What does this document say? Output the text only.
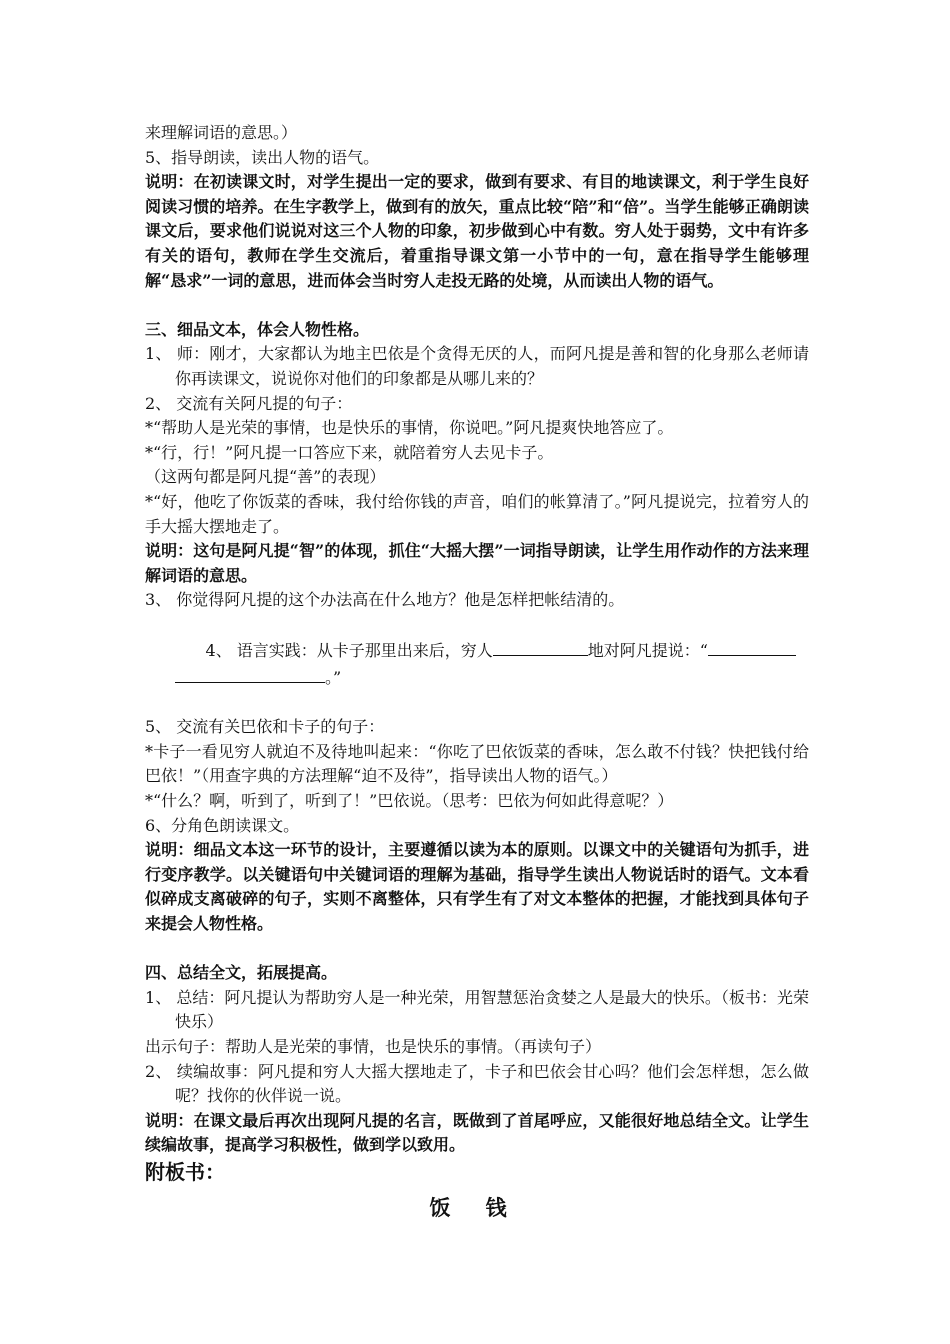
来理解词语的意思。）

5、指导朗读，读出人物的语气。

说明：在初读课文时，对学生提出一定的要求，做到有要求、有目的地读课文，利于学生良好阅读习惯的培养。在生字教学上，做到有的放矢，重点比较“陪”和“倍”。当学生能够正确朗读课文后，要求他们说说对这三个人物的印象，初步做到心中有数。穷人处于弱势，文中有许多有关的语句，教师在学生交流后，着重指导课文第一小节中的一句，意在指导学生能够理解“恳求”一词的意思，进而体会当时穷人走投无路的处境，从而读出人物的语气。

三、细品文本，体会人物性格。

1、 师：刚才，大家都认为地主巴依是个贪得无厌的人，而阿凡提是善和智的化身那么老师请你再读课文，说说你对他们的印象都是从哪儿来的？

2、 交流有关阿凡提的句子：

*“帮助人是光荣的事情，也是快乐的事情，你说吧。”阿凡提爽快地答应了。

*“行，行！”阿凡提一口答应下来，就陪着穷人去见卡子。

（这两句都是阿凡提“善”的表现）

*“好，他吃了你饭菜的香味，我付给你钱的声音，咱们的帐算清了。”阿凡提说完，拉着穷人的手大摇大摆地走了。

说明：这句是阿凡提“智”的体现，抓住“大摇大摆”一词指导朗读，让学生用作动作的方法来理解词语的意思。

3、 你觉得阿凡提的这个办法高在什么地方？他是怎样把帐结清的。

4、 语言实践：从卡子那里出来后，穷人	地对阿凡提说：“
。”

5、 交流有关巴依和卡子的句子：

*卡子一看见穷人就迫不及待地叫起来：“你吃了巴依饭菜的香味，怎么敢不付钱？快把钱付给巴依！”（用查字典的方法理解“迫不及待”，指导读出人物的语气。）

*“什么？啊，听到了，听到了！”巴依说。（思考：巴依为何如此得意呢？）

6、分角色朗读课文。

说明：细品文本这一环节的设计，主要遵循以读为本的原则。以课文中的关键语句为抓手，进行变序教学。以关键语句中关键词语的理解为基础，指导学生读出人物说话时的语气。文本看似碎成支离破碎的句子，实则不离整体，只有学生有了对文本整体的把握，才能找到具体句子来提会人物性格。

四、总结全文，拓展提高。

1、 总结：阿凡提认为帮助穷人是一种光荣，用智慧惩治贪婪之人是最大的快乐。（板书：光荣 快乐）

出示句子：帮助人是光荣的事情，也是快乐的事情。（再读句子）

2、 续编故事：阿凡提和穷人大摇大摆地走了，卡子和巴依会甘心吗？他们会怎样想，怎么做呢？找你的伙伴说一说。

说明：在课文最后再次出现阿凡提的名言，既做到了首尾呼应，又能很好地总结全文。让学生续编故事，提高学习积极性，做到学以致用。

附板书：

饭 钱
